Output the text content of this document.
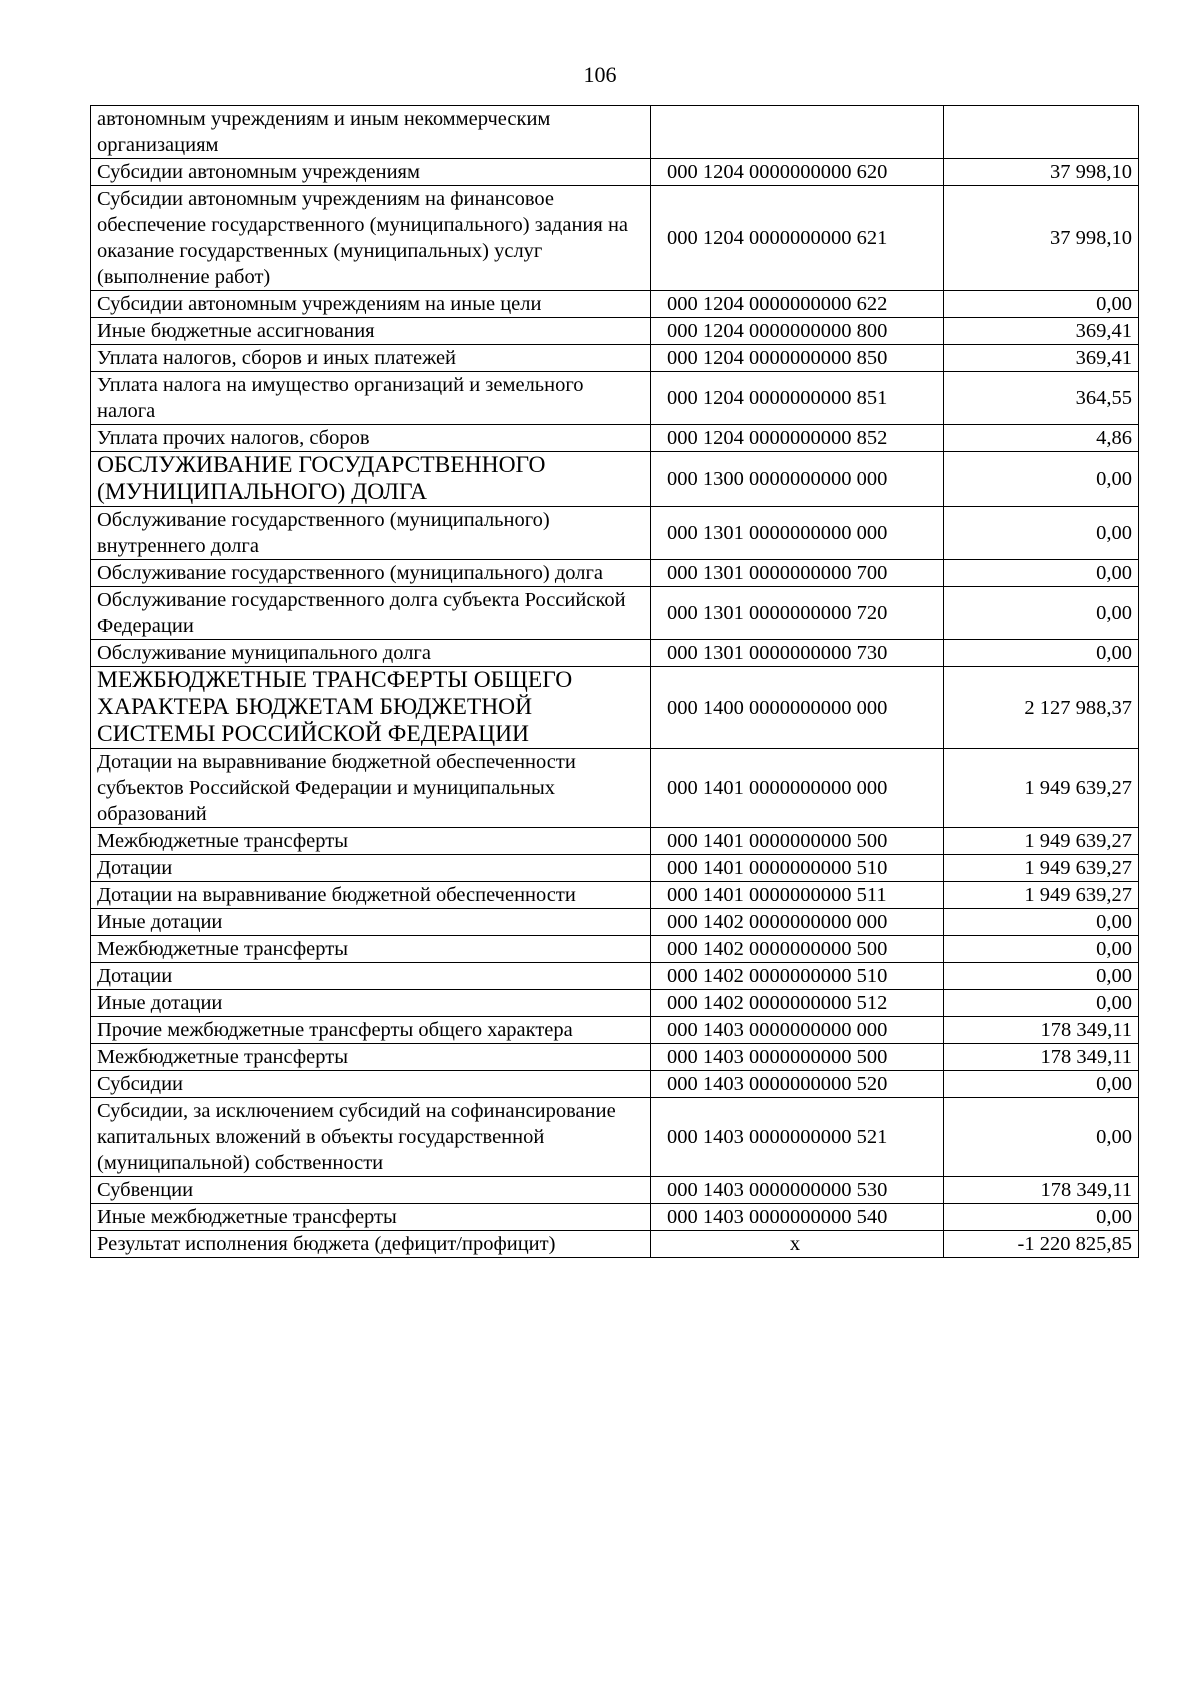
106
автономным учреждениям и иным некоммерческим организациям		
Субсидии автономным учреждениям	000 1204 0000000000 620	37 998,10
Субсидии автономным учреждениям на финансовое обеспечение государственного (муниципального) задания на оказание государственных (муниципальных) услуг (выполнение работ)	000 1204 0000000000 621	37 998,10
Субсидии автономным учреждениям на иные цели	000 1204 0000000000 622	0,00
Иные бюджетные ассигнования	000 1204 0000000000 800	369,41
Уплата налогов, сборов и иных платежей	000 1204 0000000000 850	369,41
Уплата налога на имущество организаций и земельного налога	000 1204 0000000000 851	364,55
Уплата прочих налогов, сборов	000 1204 0000000000 852	4,86
ОБСЛУЖИВАНИЕ ГОСУДАРСТВЕННОГО (МУНИЦИПАЛЬНОГО) ДОЛГА	000 1300 0000000000 000	0,00
Обслуживание государственного (муниципального) внутреннего долга	000 1301 0000000000 000	0,00
Обслуживание государственного (муниципального) долга	000 1301 0000000000 700	0,00
Обслуживание государственного долга субъекта Российской Федерации	000 1301 0000000000 720	0,00
Обслуживание муниципального долга	000 1301 0000000000 730	0,00
МЕЖБЮДЖЕТНЫЕ ТРАНСФЕРТЫ ОБЩЕГО ХАРАКТЕРА БЮДЖЕТАМ БЮДЖЕТНОЙ СИСТЕМЫ РОССИЙСКОЙ ФЕДЕРАЦИИ	000 1400 0000000000 000	2 127 988,37
Дотации на выравнивание бюджетной обеспеченности субъектов Российской Федерации и муниципальных образований	000 1401 0000000000 000	1 949 639,27
Межбюджетные трансферты	000 1401 0000000000 500	1 949 639,27
Дотации	000 1401 0000000000 510	1 949 639,27
Дотации на выравнивание бюджетной обеспеченности	000 1401 0000000000 511	1 949 639,27
Иные дотации	000 1402 0000000000 000	0,00
Межбюджетные трансферты	000 1402 0000000000 500	0,00
Дотации	000 1402 0000000000 510	0,00
Иные дотации	000 1402 0000000000 512	0,00
Прочие межбюджетные трансферты общего характера	000 1403 0000000000 000	178 349,11
Межбюджетные трансферты	000 1403 0000000000 500	178 349,11
Субсидии	000 1403 0000000000 520	0,00
Субсидии, за исключением субсидий на софинансирование капитальных вложений в объекты государственной (муниципальной) собственности	000 1403 0000000000 521	0,00
Субвенции	000 1403 0000000000 530	178 349,11
Иные межбюджетные трансферты	000 1403 0000000000 540	0,00
Результат исполнения бюджета (дефицит/профицит)	x	-1 220 825,85
